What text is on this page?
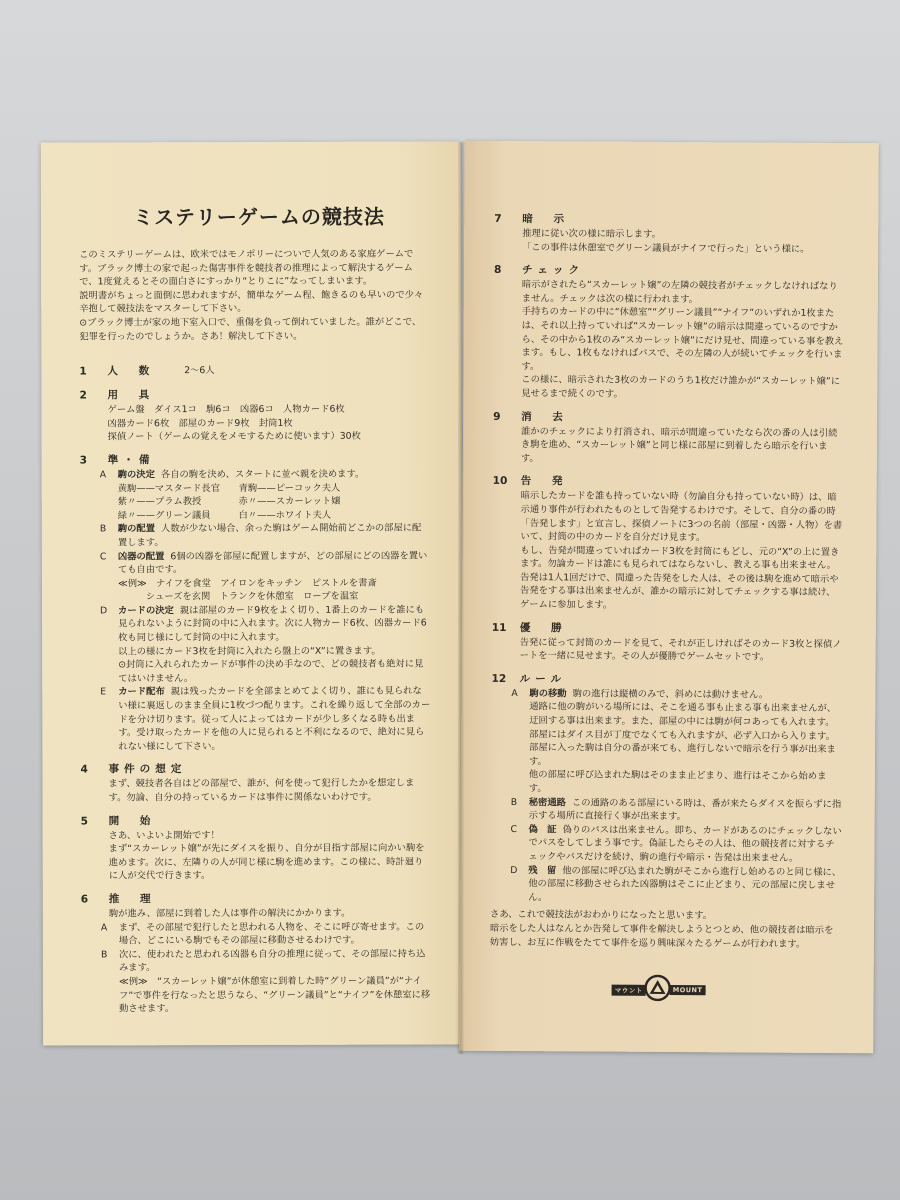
ミステリーゲームの競技法

このミステリーゲームは、欧米ではモノポリーについで人気のある家庭ゲームです。ブラック博士の家で起った傷害事件を競技者の推理によって解決するゲームで、1度覚えるとその面白さにすっかり“とりこに”なってしまいます。

説明書がちょっと面倒に思われますが、簡単なゲーム程、飽きるのも早いので少々辛抱して競技法をマスターして下さい。

⊙ブラック博士が家の地下室入口で、重傷を負って倒れていました。誰がどこで、犯罪を行ったのでしょうか。さあ！解決して下さい。

1	人　数	2〜6人
2	用　具

ゲーム盤　ダイス1コ　駒6コ　凶器6コ　人物カード6枚

凶器カード6枚　部屋のカード9枚　封筒1枚

探偵ノート（ゲームの覚えをメモするために使います）30枚

3	準・備
A	駒の決定 各自の駒を決め、スタートに並べ親を決めます。

黄駒——マスタード長官　　青駒——ピーコック夫人

紫〃——プラム教授　　　　赤〃——スカーレット嬢

緑〃——グリーン議員　　　白〃——ホワイト夫人

B	駒の配置 人数が少ない場合、余った駒はゲーム開始前どこかの部屋に配置します。

C	凶器の配置 6個の凶器を部屋に配置しますが、どの部屋にどの凶器を置いても自由です。

≪例≫　ナイフを食堂　アイロンをキッチン　ピストルを書斎

　　　シューズを玄関　トランクを休憩室　ロープを温室

D	カードの決定 親は部屋のカード9枚をよく切り、1番上のカードを誰にも見られないように封筒の中に入れます。次に人物カード6枚、凶器カード6枚も同じ様にして封筒の中に入れます。

以上の様にカード3枚を封筒に入れたら盤上の“X”に置きます。

⊙封筒に入れられたカードが事件の決め手なので、どの競技者も絶対に見てはいけません。

E	カード配布 親は残ったカードを全部まとめてよく切り、誰にも見られない様に裏返しのまま全員に1枚づつ配ります。これを繰り返して全部のカードを分け切ります。従って人によってはカードが少し多くなる時も出ます。受け取ったカードを他の人に見られると不利になるので、絶対に見られない様にして下さい。

4	事件の想定

まず、競技者各自はどの部屋で、誰が、何を使って犯行したかを想定します。勿論、自分の持っているカードは事件に関係ないわけです。

5	開　始

さあ、いよいよ開始です！

まず“スカーレット嬢”が先にダイスを振り、自分が目指す部屋に向かい駒を進めます。次に、左隣りの人が同じ様に駒を進めます。この様に、時計廻りに人が交代で行きます。

6	推　理

駒が進み、部屋に到着した人は事件の解決にかかります。

A	まず、その部屋で犯行したと思われる人物を、そこに呼び寄せます。この場合、どこにいる駒でもその部屋に移動させるわけです。

B	次に、使われたと思われる凶器も自分の推理に従って、その部屋に持ち込みます。

≪例≫　“スカーレット嬢”が休憩室に到着した時“グリーン議員”が“ナイフ”で事件を行なったと思うなら、“グリーン議員”と“ナイフ”を休憩室に移動させます。

7	暗　示

推理に従い次の様に暗示します。

「この事件は休憩室でグリーン議員がナイフで行った」という様に。

8	チェック

暗示がされたら“スカーレット嬢”の左隣の競技者がチェックしなければなりません。チェックは次の様に行われます。

手持ちのカードの中に“休憩室”“グリーン議員”“ナイフ”のいずれか1枚または、それ以上持っていれば“スカーレット嬢”の暗示は間違っているのですから、その中から1枚のみ“スカーレット嬢”にだけ見せ、間違っている事を教えます。もし、1枚もなければパスで、その左隣の人が続いてチェックを行います。

この様に、暗示された3枚のカードのうち1枚だけ誰かが“スカーレット嬢”に見せるまで続くのです。

9	消　去

誰かのチェックにより打消され、暗示が間違っていたなら次の番の人は引続き駒を進め、“スカーレット嬢”と同じ様に部屋に到着したら暗示を行います。

10	告　発

暗示したカードを誰も持っていない時（勿論自分も持っていない時）は、暗示通り事件が行われたものとして告発するわけです。そして、自分の番の時「告発します」と宣言し、探偵ノートに3つの名前（部屋・凶器・人物）を書いて、封筒の中のカードを自分だけ見ます。

もし、告発が間違っていればカード3枚を封筒にもどし、元の“X”の上に置きます。勿論カードは誰にも見られてはならないし、教える事も出来ません。

告発は1人1回だけで、間違った告発をした人は、その後は駒を進めて暗示や告発をする事は出来ませんが、誰かの暗示に対してチェックする事は続け、ゲームに参加します。

11	優　勝

告発に従って封筒のカードを見て、それが正しければそのカード3枚と探偵ノートを一緒に見せます。その人が優勝でゲームセットです。

12	ルール
A	駒の移動 駒の進行は縦横のみで、斜めには動けません。

通路に他の駒がいる場所には、そこを通る事も止まる事も出来ませんが、迂回する事は出来ます。また、部屋の中には駒が何コあっても入れます。部屋にはダイス目が丁度でなくても入れますが、必ず入口から入ります。

部屋に入った駒は自分の番が来ても、進行しないで暗示を行う事が出来ます。

他の部屋に呼び込まれた駒はそのまま止どまり、進行はそこから始めます。

B	秘密通路 この通路のある部屋にいる時は、番が来たらダイスを振らずに指示する場所に直接行く事が出来ます。

C	偽　証 偽りのパスは出来ません。即ち、カードがあるのにチェックしないでパスをしてしまう事です。偽証したらその人は、他の競技者に対するチェックやパスだけを続け、駒の進行や暗示・告発は出来ません。

D	残　留 他の部屋に呼び込まれた駒がそこから進行し始めるのと同じ様に、他の部屋に移動させられた凶器駒はそこに止どまり、元の部屋に戻しません。

さあ、これで競技法がおわかりになったと思います。

暗示をした人はなんとか告発して事件を解決しようとつとめ、他の競技者は暗示を妨害し、お互に作戦をたてて事件を巡り興味深々たるゲームが行われます。

マウント	MOUNT
